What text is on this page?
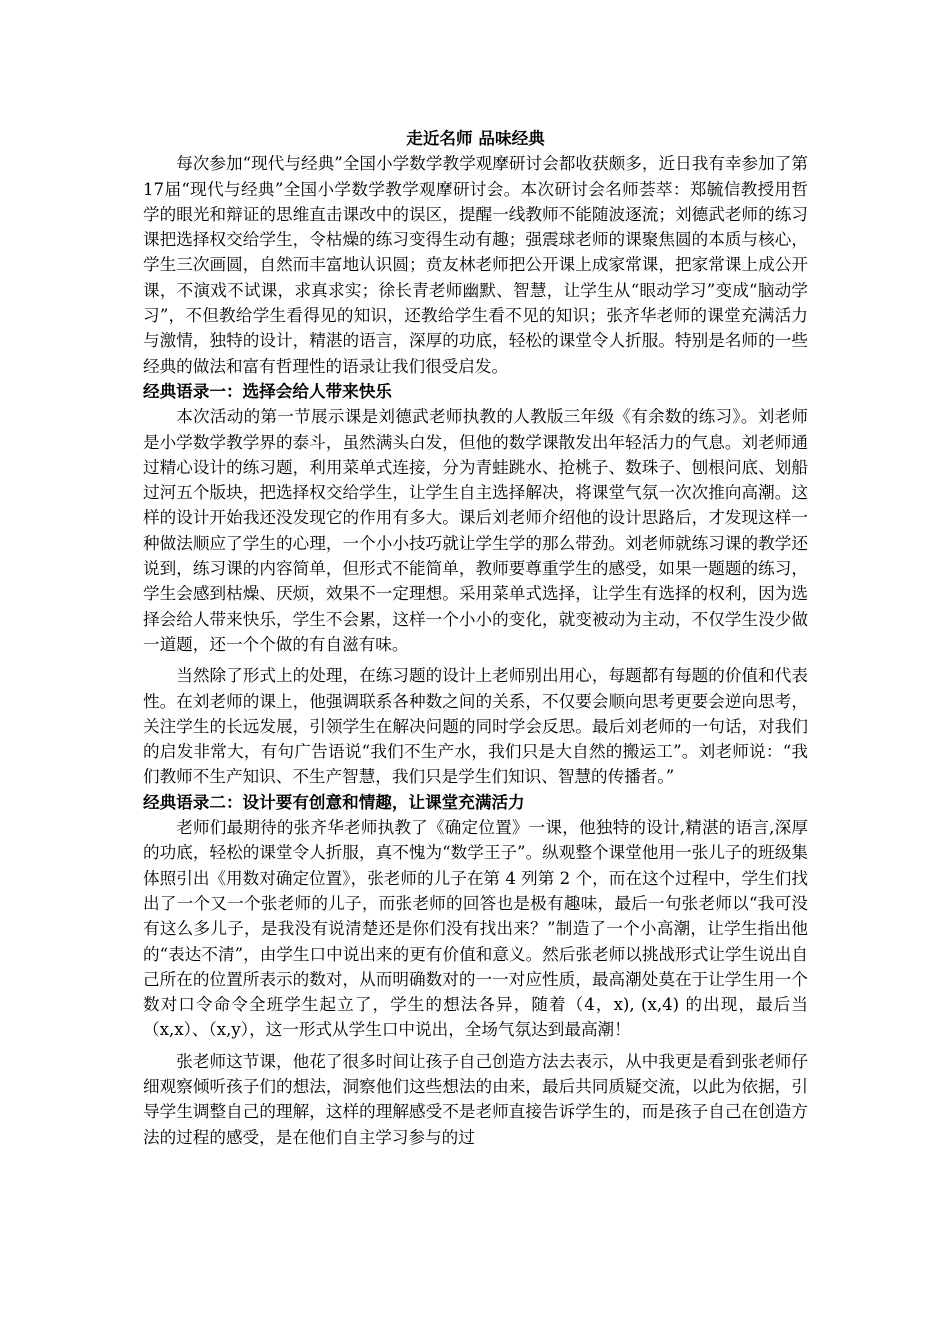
走近名师 品味经典

每次参加“现代与经典”全国小学数学教学观摩研讨会都收获颇多，近日我有幸参加了第17届“现代与经典”全国小学数学教学观摩研讨会。本次研讨会名师荟萃：郑毓信教授用哲学的眼光和辩证的思维直击课改中的误区，提醒一线教师不能随波逐流；刘德武老师的练习课把选择权交给学生，令枯燥的练习变得生动有趣；强震球老师的课聚焦圆的本质与核心，学生三次画圆，自然而丰富地认识圆；贲友林老师把公开课上成家常课，把家常课上成公开课，不演戏不试课，求真求实；徐长青老师幽默、智慧，让学生从“眼动学习”变成“脑动学习”，不但教给学生看得见的知识，还教给学生看不见的知识；张齐华老师的课堂充满活力与激情，独特的设计，精湛的语言，深厚的功底，轻松的课堂令人折服。特别是名师的一些经典的做法和富有哲理性的语录让我们很受启发。

经典语录一：选择会给人带来快乐

本次活动的第一节展示课是刘德武老师执教的人教版三年级《有余数的练习》。刘老师是小学数学教学界的泰斗，虽然满头白发，但他的数学课散发出年轻活力的气息。刘老师通过精心设计的练习题，利用菜单式连接，分为青蛙跳水、抢桃子、数珠子、刨根问底、划船过河五个版块，把选择权交给学生，让学生自主选择解决，将课堂气氛一次次推向高潮。这样的设计开始我还没发现它的作用有多大。课后刘老师介绍他的设计思路后，才发现这样一种做法顺应了学生的心理，一个小小技巧就让学生学的那么带劲。刘老师就练习课的教学还说到，练习课的内容简单，但形式不能简单，教师要尊重学生的感受，如果一题题的练习，学生会感到枯燥、厌烦，效果不一定理想。采用菜单式选择，让学生有选择的权利，因为选择会给人带来快乐，学生不会累，这样一个小小的变化，就变被动为主动，不仅学生没少做一道题，还一个个做的有自滋有味。

当然除了形式上的处理，在练习题的设计上老师别出用心，每题都有每题的价值和代表性。在刘老师的课上，他强调联系各种数之间的关系，不仅要会顺向思考更要会逆向思考，关注学生的长远发展，引领学生在解决问题的同时学会反思。最后刘老师的一句话，对我们的启发非常大，有句广告语说“我们不生产水，我们只是大自然的搬运工”。刘老师说：“我们教师不生产知识、不生产智慧，我们只是学生们知识、智慧的传播者。”

经典语录二：设计要有创意和情趣，让课堂充满活力

老师们最期待的张齐华老师执教了《确定位置》一课，他独特的设计,精湛的语言,深厚的功底，轻松的课堂令人折服，真不愧为“数学王子”。纵观整个课堂他用一张儿子的班级集体照引出《用数对确定位置》，张老师的儿子在第 4 列第 2 个，而在这个过程中，学生们找出了一个又一个张老师的儿子，而张老师的回答也是极有趣味，最后一句张老师以“我可没有这么多儿子，是我没有说清楚还是你们没有找出来？”制造了一个小高潮，让学生指出他的“表达不清”，由学生口中说出来的更有价值和意义。然后张老师以挑战形式让学生说出自己所在的位置所表示的数对，从而明确数对的一一对应性质，最高潮处莫在于让学生用一个数对口令命令全班学生起立了，学生的想法各异，随着（4，x), (x,4) 的出现，最后当（x,x）、（x,y），这一形式从学生口中说出，全场气氛达到最高潮！

张老师这节课，他花了很多时间让孩子自己创造方法去表示，从中我更是看到张老师仔细观察倾听孩子们的想法，洞察他们这些想法的由来，最后共同质疑交流，以此为依据，引导学生调整自己的理解，这样的理解感受不是老师直接告诉学生的，而是孩子自己在创造方法的过程的感受，是在他们自主学习参与的过
